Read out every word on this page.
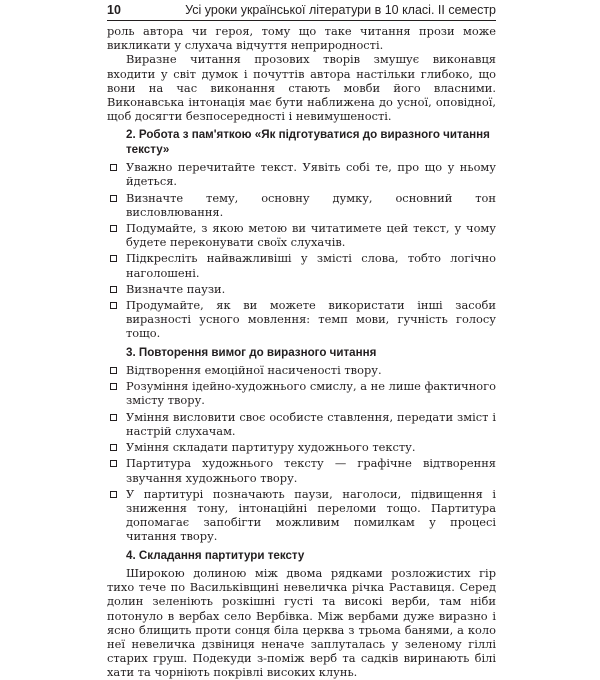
10	Усі уроки української літератури в 10 класі. ІІ семестр

роль автора чи героя, тому що таке читання прози може викликати у слухача відчуття неприродності.

Виразне читання прозових творів змушує виконавця входити у світ думок і почуттів автора настільки глибоко, що вони на час виконання стають мовби його власними. Виконавська інтонація має бути наближена до усної, оповідної, щоб досягти безпосередності і невимушеності.

2. Робота з пам'яткою «Як підготуватися до виразного читання тексту»
Уважно перечитайте текст. Уявіть собі те, про що у ньому йдеться.
Визначте тему, основну думку, основний тон висловлювання.
Подумайте, з якою метою ви читатимете цей текст, у чому будете переконувати своїх слухачів.
Підкресліть найважливіші у змісті слова, тобто логічно наголошені.
Визначте паузи.
Продумайте, як ви можете використати інші засоби виразності усного мовлення: темп мови, гучність голосу тощо.
3. Повторення вимог до виразного читання
Відтворення емоційної насиченості твору.
Розуміння ідейно-художнього смислу, а не лише фактичного змісту твору.
Уміння висловити своє особисте ставлення, передати зміст і настрій слухачам.
Уміння складати партитуру художнього тексту.
Партитура художнього тексту — графічне відтворення звучання художнього твору.
У партитурі позначають паузи, наголоси, підвищення і зниження тону, інтонаційні переломи тощо. Партитура допомагає запобігти можливим помилкам у процесі читання твору.
4. Складання партитури тексту

Широкою долиною між двома рядками розложистих гір тихо тече по Васильківщині невеличка річка Раставиця. Серед долин зеленіють розкішні густі та високі верби, там ніби потонуло в вербах село Вербівка. Між вербами дуже виразно і ясно блищить проти сонця біла церква з трьома банями, а коло неї невеличка дзвіниця неначе заплуталась у зеленому гіллі старих груш. Подекуди з-поміж верб та садків виринають білі хати та чорніють покрівлі високих клунь.
